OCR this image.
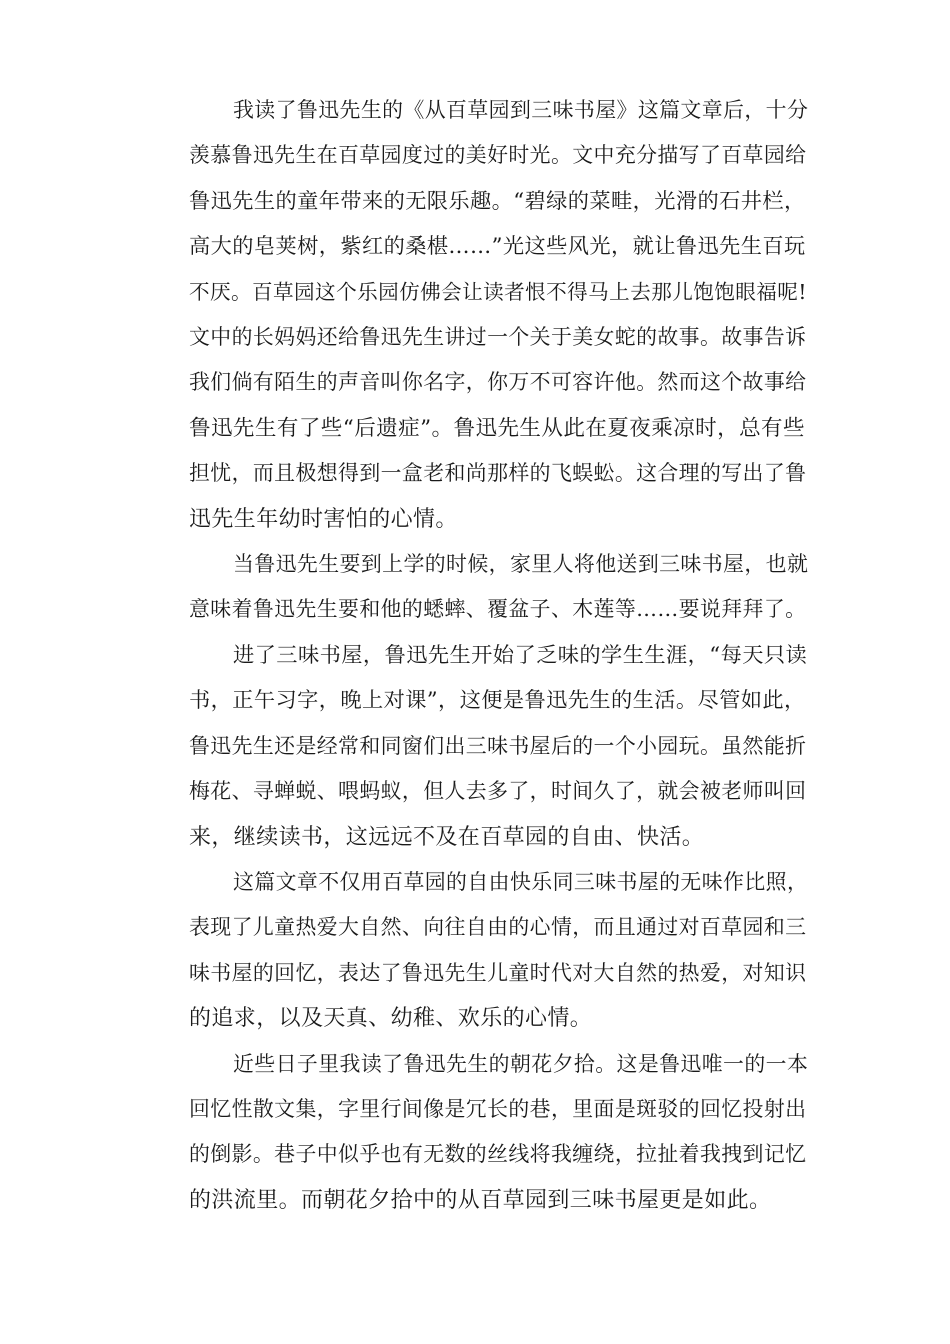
我读了鲁迅先生的《从百草园到三味书屋》这篇文章后，十分
羡慕鲁迅先生在百草园度过的美好时光。文中充分描写了百草园给
鲁迅先生的童年带来的无限乐趣。“碧绿的菜畦，光滑的石井栏，
高大的皂荚树，紫红的桑椹……”光这些风光，就让鲁迅先生百玩
不厌。百草园这个乐园仿佛会让读者恨不得马上去那儿饱饱眼福呢!
文中的长妈妈还给鲁迅先生讲过一个关于美女蛇的故事。故事告诉
我们倘有陌生的声音叫你名字，你万不可容许他。然而这个故事给
鲁迅先生有了些“后遗症”。鲁迅先生从此在夏夜乘凉时，总有些
担忧，而且极想得到一盒老和尚那样的飞蜈蚣。这合理的写出了鲁
迅先生年幼时害怕的心情。
当鲁迅先生要到上学的时候，家里人将他送到三味书屋，也就
意味着鲁迅先生要和他的蟋蟀、覆盆子、木莲等……要说拜拜了。
进了三味书屋，鲁迅先生开始了乏味的学生生涯，“每天只读
书，正午习字，晚上对课”，这便是鲁迅先生的生活。尽管如此，
鲁迅先生还是经常和同窗们出三味书屋后的一个小园玩。虽然能折
梅花、寻蝉蜕、喂蚂蚁，但人去多了，时间久了，就会被老师叫回
来，继续读书，这远远不及在百草园的自由、快活。
这篇文章不仅用百草园的自由快乐同三味书屋的无味作比照，
表现了儿童热爱大自然、向往自由的心情，而且通过对百草园和三
味书屋的回忆，表达了鲁迅先生儿童时代对大自然的热爱，对知识
的追求，以及天真、幼稚、欢乐的心情。
近些日子里我读了鲁迅先生的朝花夕拾。这是鲁迅唯一的一本
回忆性散文集，字里行间像是冗长的巷，里面是斑驳的回忆投射出
的倒影。巷子中似乎也有无数的丝线将我缠绕，拉扯着我拽到记忆
的洪流里。而朝花夕拾中的从百草园到三味书屋更是如此。
